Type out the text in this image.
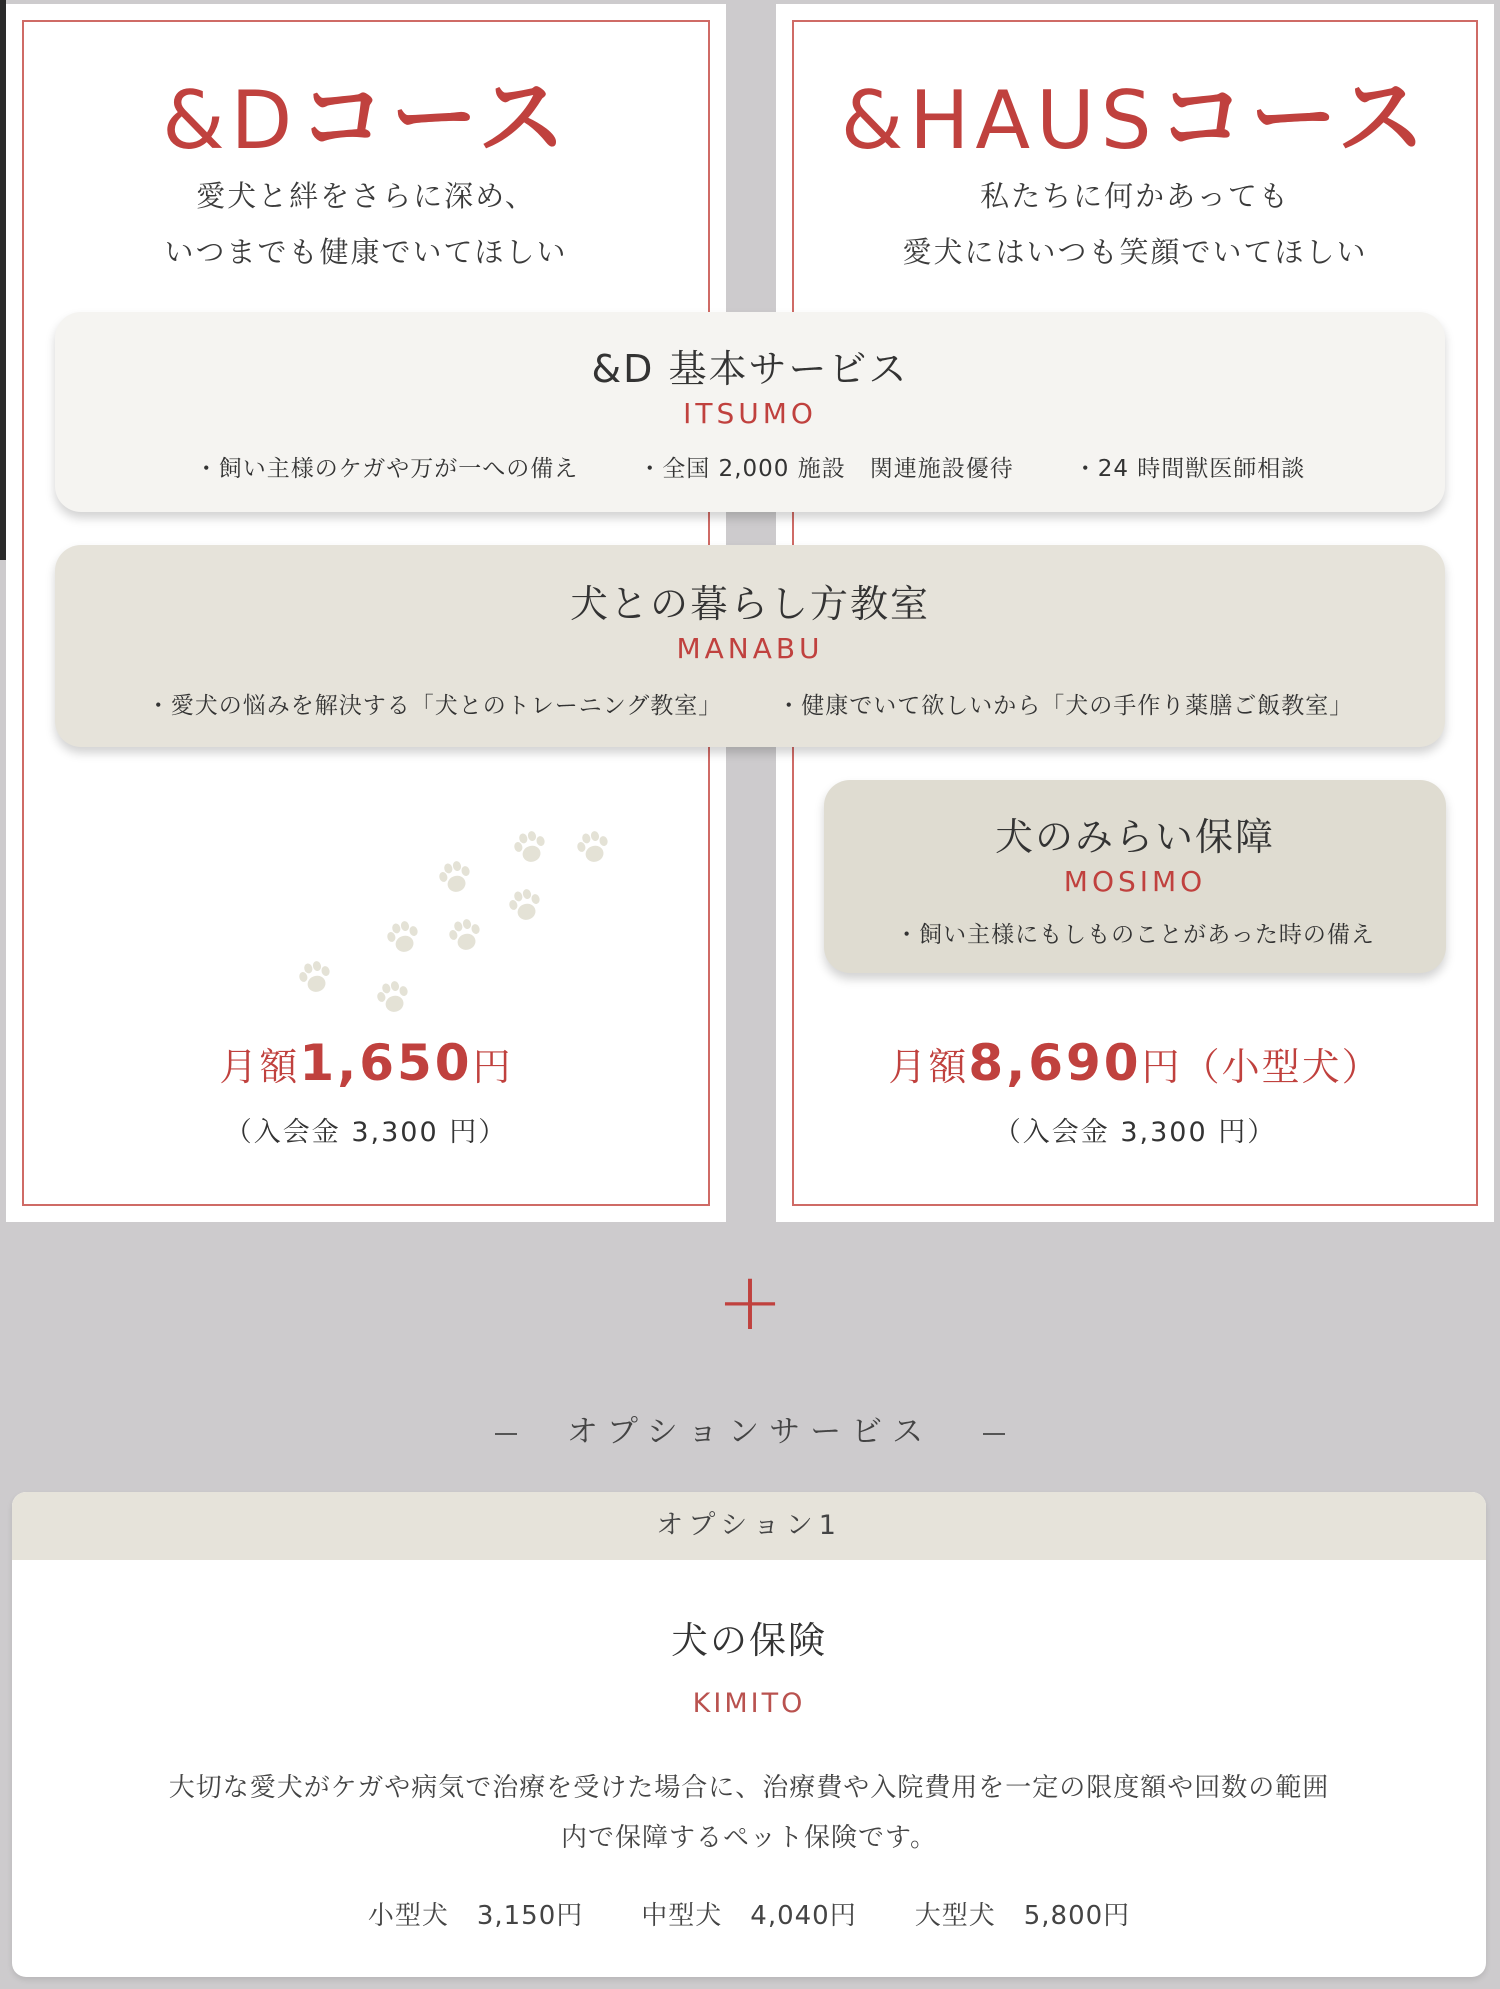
&Dコース
愛犬と絆をさらに深め、
いつまでも健康でいてほしい
月額1,650円
（入会金 3,300 円）
&HAUSコース
私たちに何かあっても
愛犬にはいつも笑顔でいてほしい
月額8,690円（小型犬）
（入会金 3,300 円）
&D 基本サービス
ITSUMO
・飼い主様のケガや万が一への備え	・全国 2,000 施設　関連施設優待	・24 時間獣医師相談
犬との暮らし方教室
MANABU
・愛犬の悩みを解決する「犬とのトレーニング教室」 ・健康でいて欲しいから「犬の手作り薬膳ご飯教室」
犬のみらい保障
MOSIMO
・飼い主様にもしものことがあった時の備え
+
オプションサービス
オプション1
犬の保険
KIMITO
大切な愛犬がケガや病気で治療を受けた場合に、治療費や入院費用を一定の限度額や回数の範囲
内で保障するペット保険です。
小型犬 3,150円 中型犬 4,040円 大型犬 5,800円
